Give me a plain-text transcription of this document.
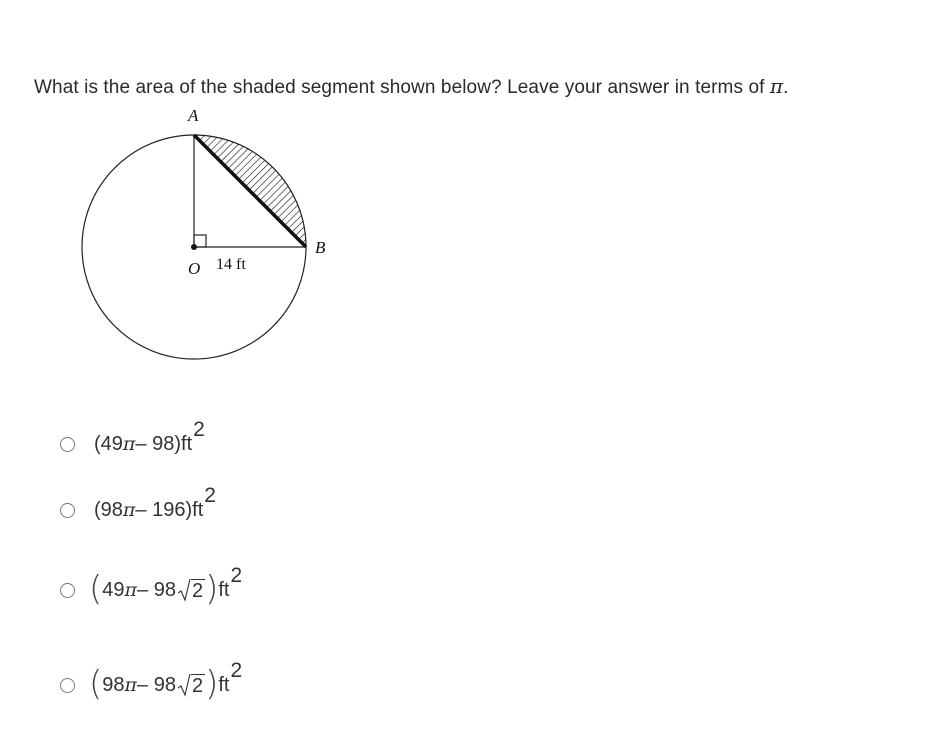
What is the area of the shaded segment shown below? Leave your answer in terms of π.
A
B
O 14 ft
( 49 π – 98)ft
2
( 98 π – 196)ft
2
( 49 π – 98 2 ) ft
2
( 98 π – 98 2 ) ft
2
